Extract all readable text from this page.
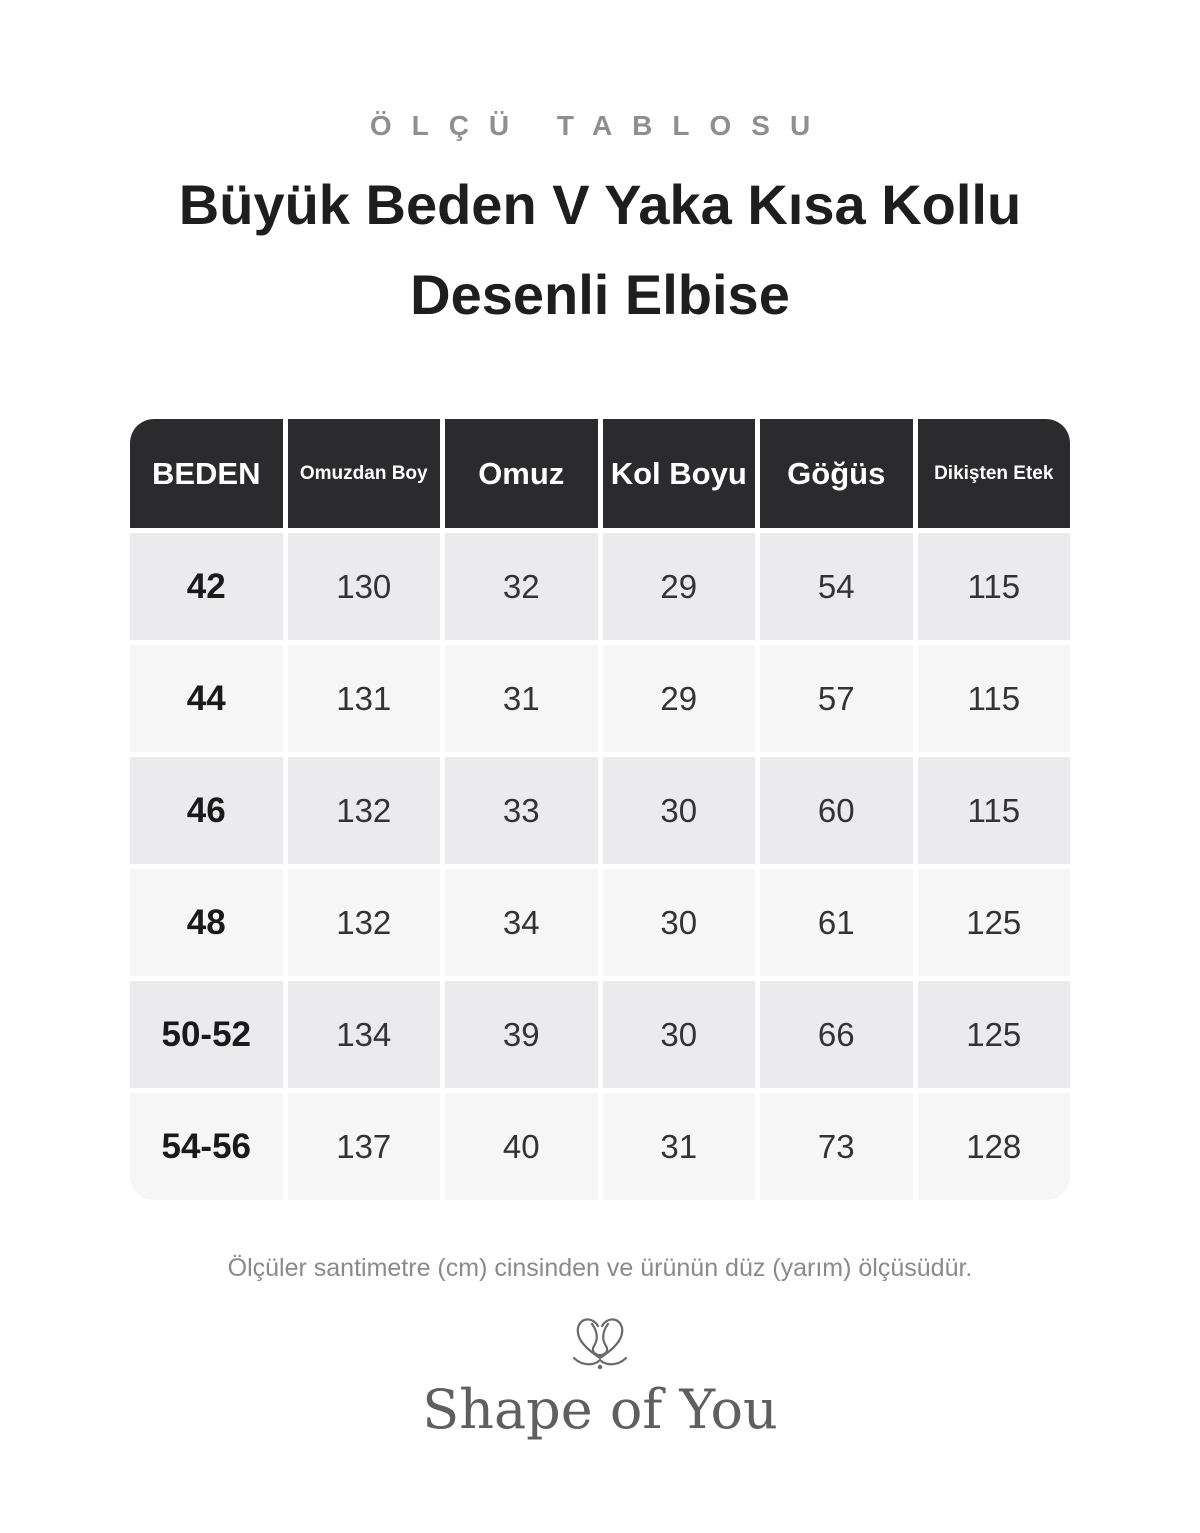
ÖLÇÜ TABLOSU
Büyük Beden V Yaka Kısa Kollu Desenli Elbise
BEDEN	Omuzdan Boy	Omuz	Kol Boyu	Göğüs	Dikişten Etek
42	130	32	29	54	115
44	131	31	29	57	115
46	132	33	30	60	115
48	132	34	30	61	125
50-52	134	39	30	66	125
54-56	137	40	31	73	128
Ölçüler santimetre (cm) cinsinden ve ürünün düz (yarım) ölçüsüdür.
Shape of You
